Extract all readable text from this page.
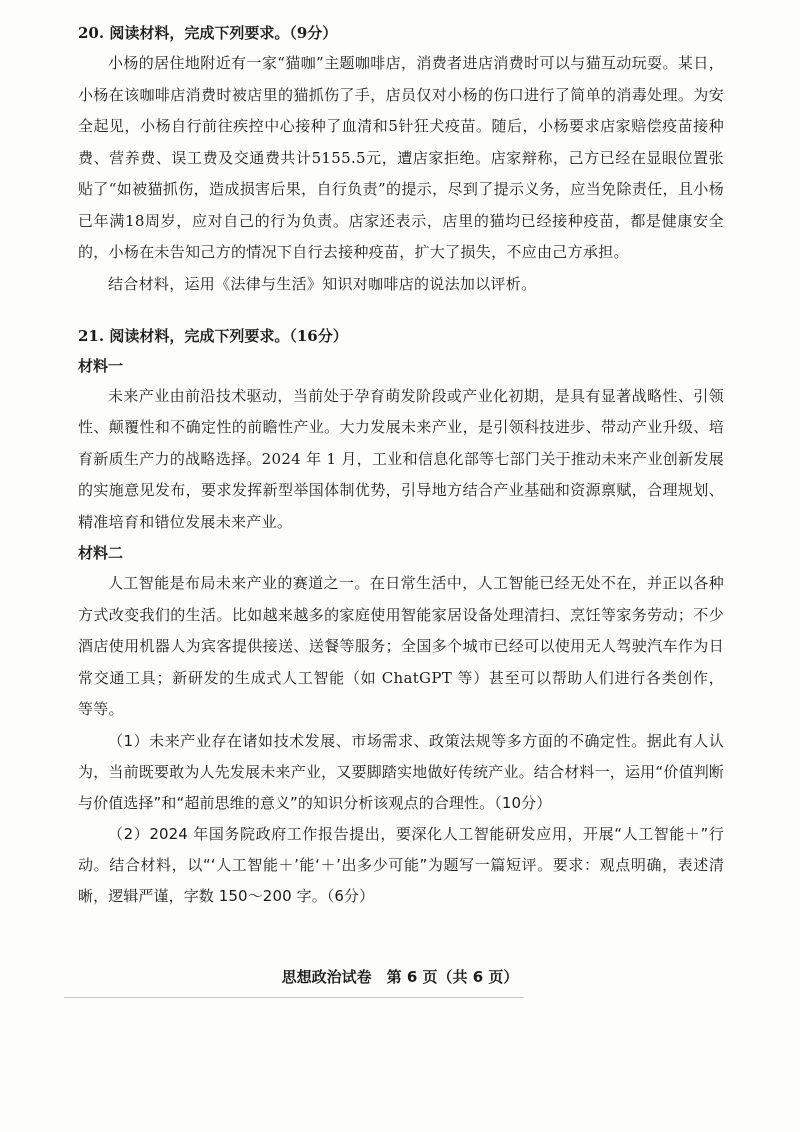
20. 阅读材料，完成下列要求。（9分）

小杨的居住地附近有一家“猫咖”主题咖啡店，消费者进店消费时可以与猫互动玩耍。某日，小杨在该咖啡店消费时被店里的猫抓伤了手，店员仅对小杨的伤口进行了简单的消毒处理。为安全起见，小杨自行前往疾控中心接种了血清和5针狂犬疫苗。随后，小杨要求店家赔偿疫苗接种费、营养费、误工费及交通费共计5155.5元，遭店家拒绝。店家辩称，己方已经在显眼位置张贴了“如被猫抓伤，造成损害后果，自行负责”的提示，尽到了提示义务，应当免除责任，且小杨已年满18周岁，应对自己的行为负责。店家还表示，店里的猫均已经接种疫苗，都是健康安全的，小杨在未告知己方的情况下自行去接种疫苗，扩大了损失，不应由己方承担。

结合材料，运用《法律与生活》知识对咖啡店的说法加以评析。

21. 阅读材料，完成下列要求。（16分）

材料一

未来产业由前沿技术驱动，当前处于孕育萌发阶段或产业化初期，是具有显著战略性、引领性、颠覆性和不确定性的前瞻性产业。大力发展未来产业，是引领科技进步、带动产业升级、培育新质生产力的战略选择。2024 年 1 月，工业和信息化部等七部门关于推动未来产业创新发展的实施意见发布，要求发挥新型举国体制优势，引导地方结合产业基础和资源禀赋，合理规划、精准培育和错位发展未来产业。

材料二

人工智能是布局未来产业的赛道之一。在日常生活中，人工智能已经无处不在，并正以各种方式改变我们的生活。比如越来越多的家庭使用智能家居设备处理清扫、烹饪等家务劳动；不少酒店使用机器人为宾客提供接送、送餐等服务；全国多个城市已经可以使用无人驾驶汽车作为日常交通工具；新研发的生成式人工智能（如 ChatGPT 等）甚至可以帮助人们进行各类创作，等等。

（1）未来产业存在诸如技术发展、市场需求、政策法规等多方面的不确定性。据此有人认为，当前既要敢为人先发展未来产业，又要脚踏实地做好传统产业。结合材料一，运用“价值判断与价值选择”和“超前思维的意义”的知识分析该观点的合理性。（10分）

（2）2024 年国务院政府工作报告提出，要深化人工智能研发应用，开展“人工智能＋”行动。结合材料，以“‘人工智能＋’能‘＋’出多少可能”为题写一篇短评。要求：观点明确，表述清晰，逻辑严谨，字数 150～200 字。（6分）

思想政治试卷　第 6 页（共 6 页）
